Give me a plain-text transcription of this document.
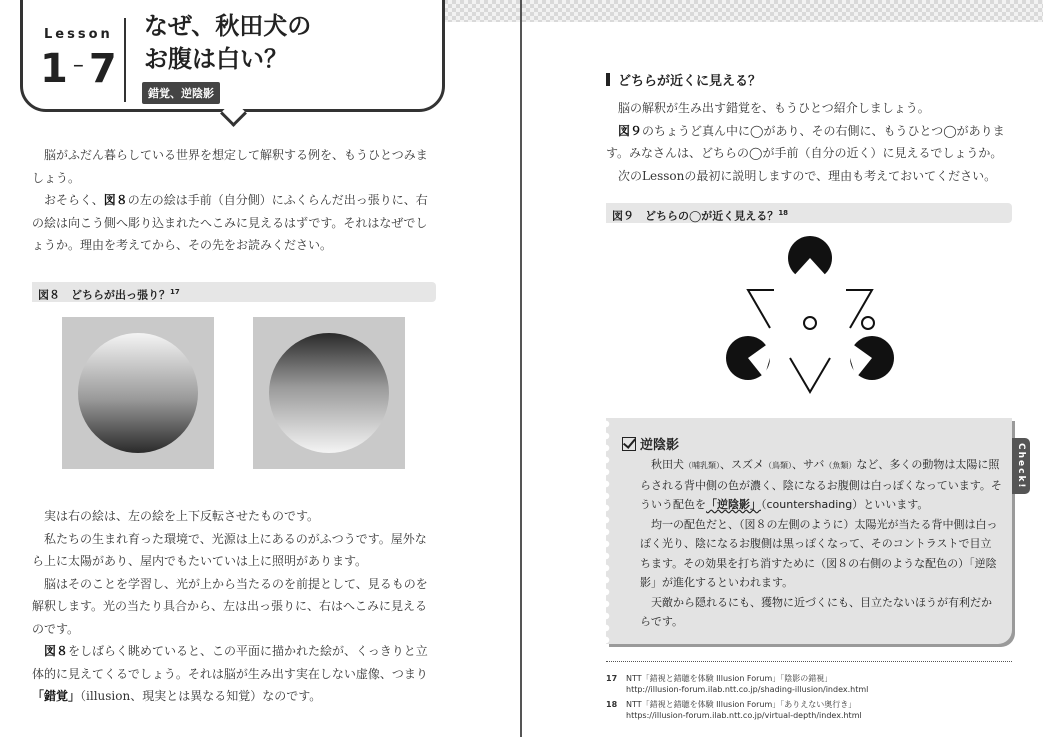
Lesson
1 – 7
なぜ、秋田犬の
お腹は白い？
錯覚、逆陰影

脳がふだん暮らしている世界を想定して解釈する例を、もうひとつみましょう。

おそらく、図８の左の絵は手前（自分側）にふくらんだ出っ張りに、右の絵は向こう側へ彫り込まれたへこみに見えるはずです。それはなぜでしょうか。理由を考えてから、その先をお読みください。

図８　どちらが出っ張り？$^{17}$

実は右の絵は、左の絵を上下反転させたものです。

私たちの生まれ育った環境で、光源は上にあるのがふつうです。屋外なら上に太陽があり、屋内でもたいていは上に照明があります。

脳はそのことを学習し、光が上から当たるのを前提として、見るものを解釈します。光の当たり具合から、左は出っ張りに、右はへこみに見えるのです。

図８をしばらく眺めていると、この平面に描かれた絵が、くっきりと立体的に見えてくるでしょう。それは脳が生み出す実在しない虚像、つまり

「錯覚」（illusion、現実とは異なる知覚）なのです。

どちらが近くに見える？

脳の解釈が生み出す錯覚を、もうひとつ紹介しましょう。

図９のちょうど真ん中に◯があり、その右側に、もうひとつ◯がありま

す。みなさんは、どちらの◯が手前（自分の近く）に見えるでしょうか。

次のLessonの最初に説明しますので、理由も考えておいてください。

図９　どちらの◯が近く見える？$^{18}$
Check!
逆陰影

秋田犬（哺乳類）、スズメ（鳥類）、サバ（魚類）など、多くの動物は太陽に照らされる背中側の色が濃く、陰になるお腹側は白っぽくなっています。そういう配色を「逆陰影」（countershading）といいます。

均一の配色だと、（図８の左側のように）太陽光が当たる背中側は白っぽく光り、陰になるお腹側は黒っぽくなって、そのコントラストで目立ちます。その効果を打ち消すために（図８の右側のような配色の）「逆陰影」が進化するといわれます。

天敵から隠れるにも、獲物に近づくにも、目立たないほうが有利だからです。

17 NTT「錯視と錯聴を体験 Illusion Forum」「陰影の錯視」
http://illusion-forum.ilab.ntt.co.jp/shading-illusion/index.html
18 NTT「錯視と錯聴を体験 Illusion Forum」「ありえない奥行き」
https://illusion-forum.ilab.ntt.co.jp/virtual-depth/index.html
